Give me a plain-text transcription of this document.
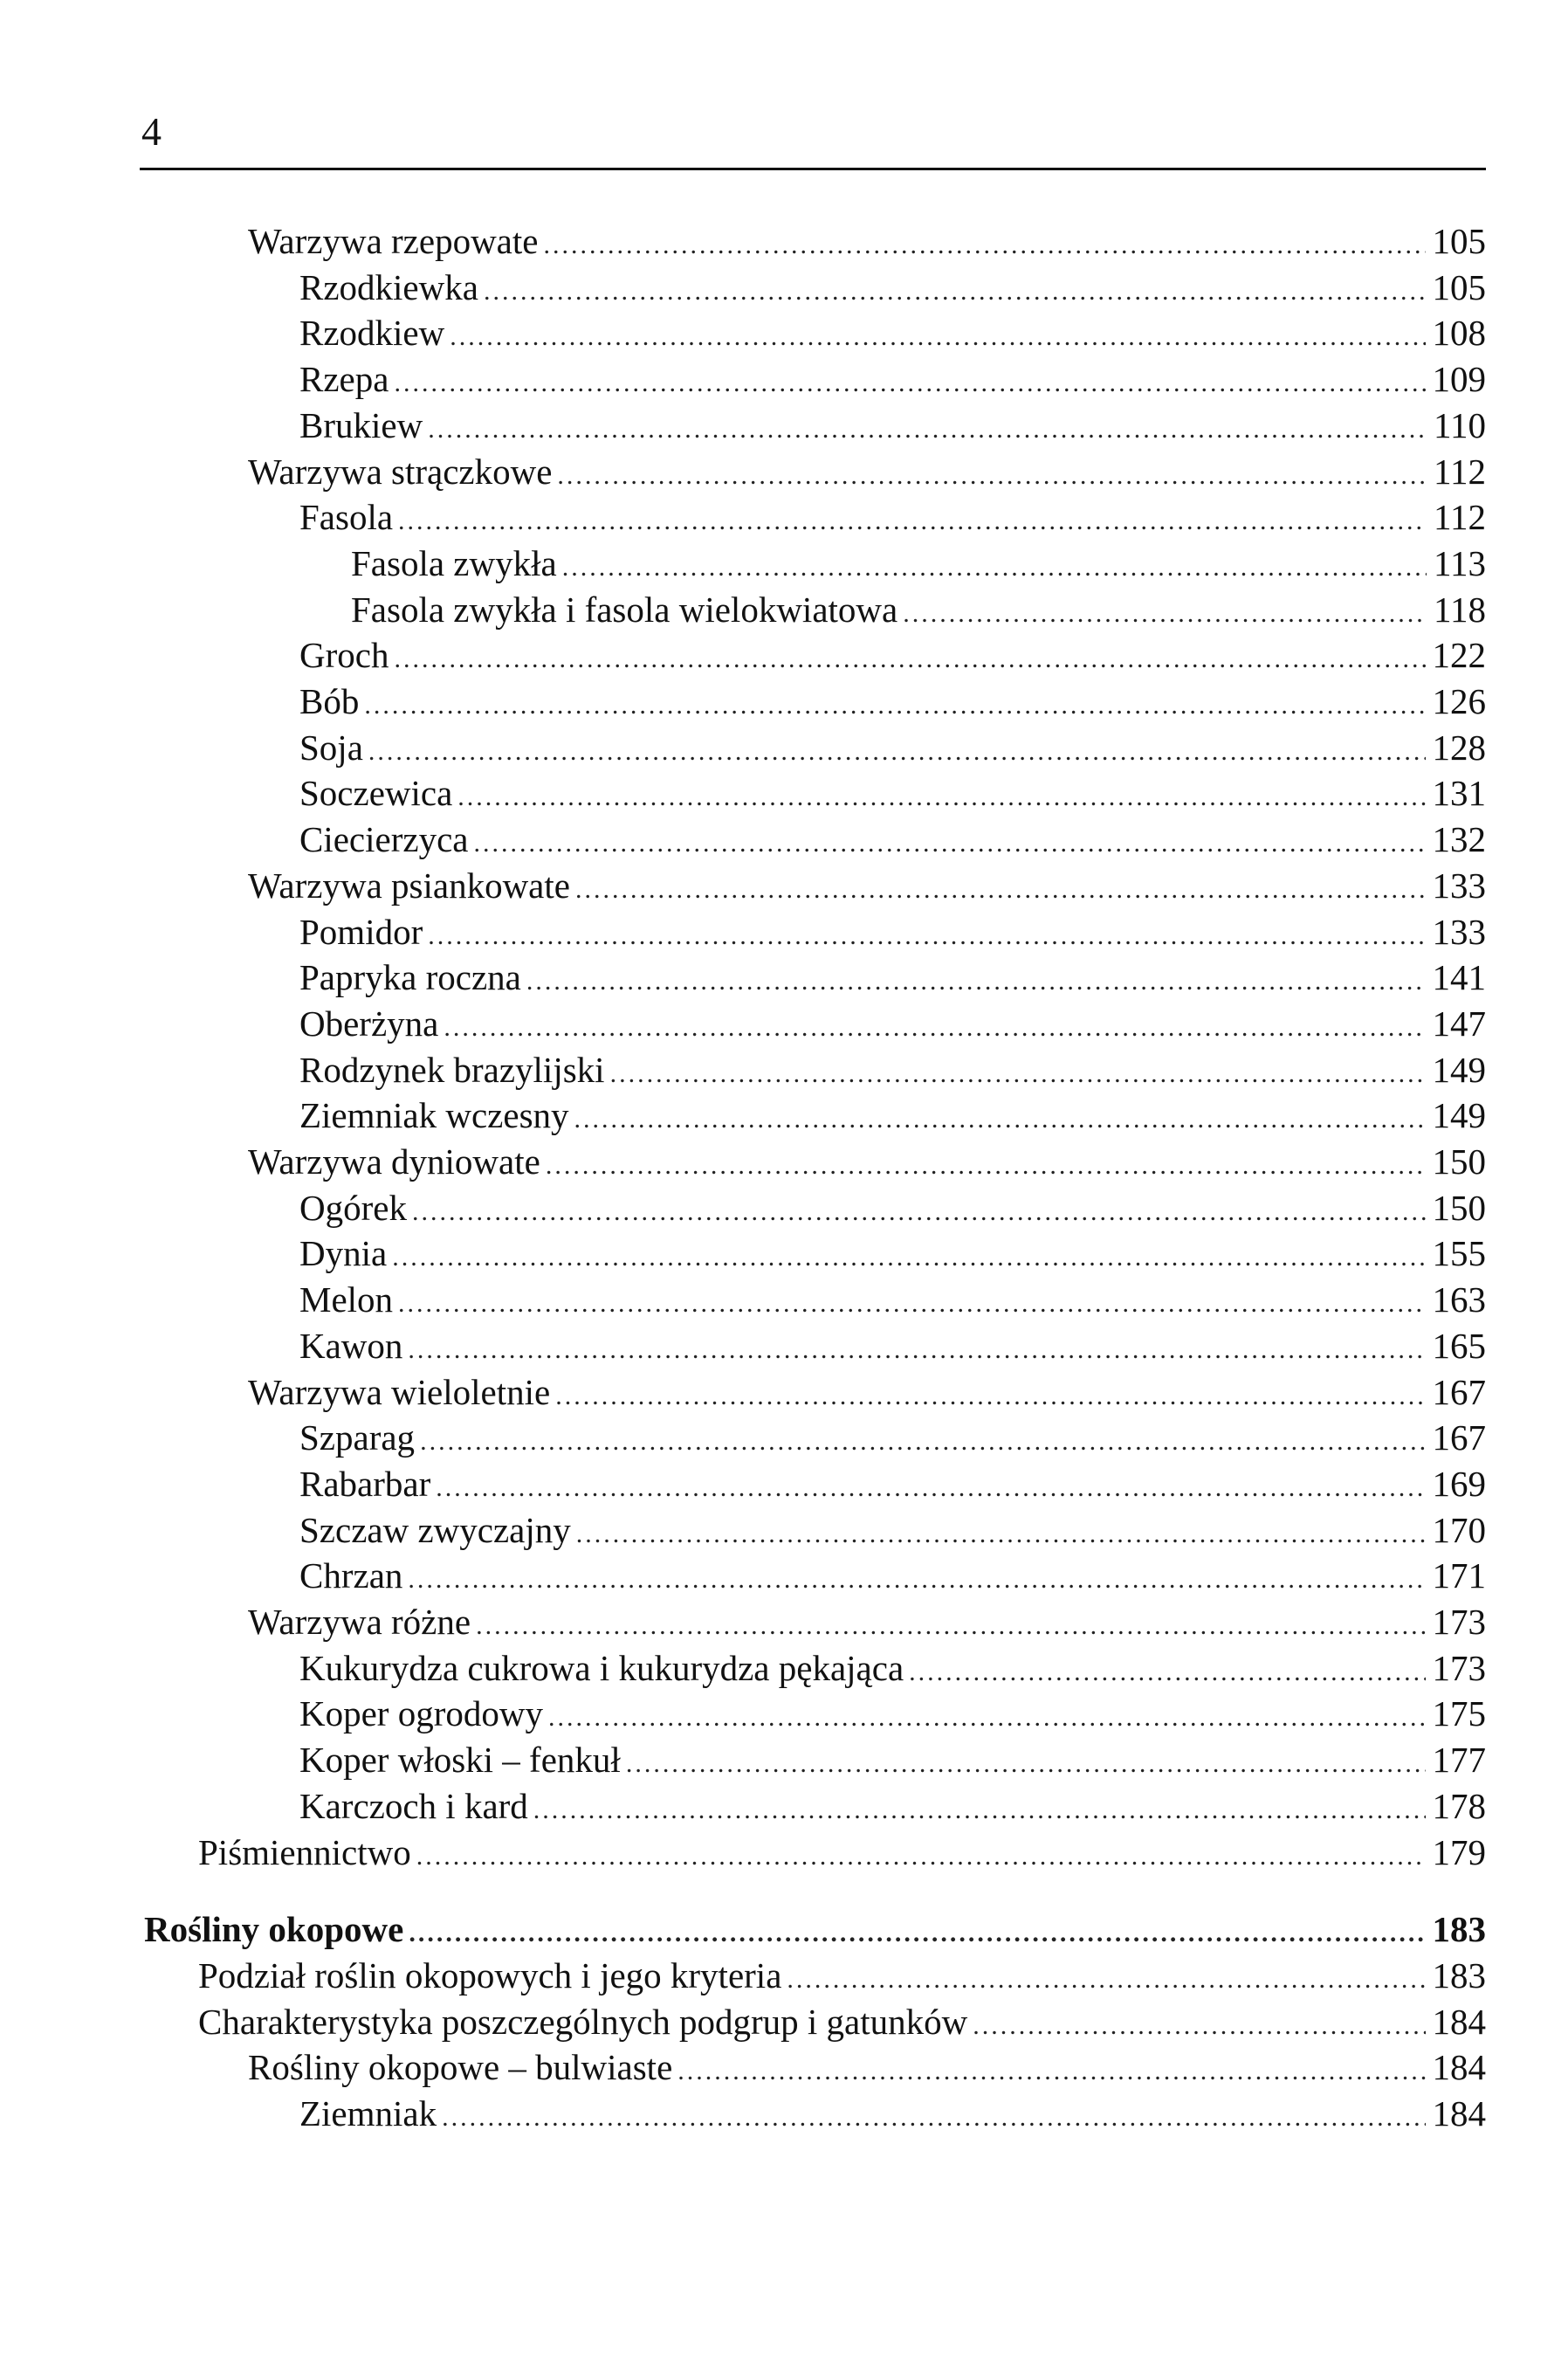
4
Warzywa rzepowate .....	105
Rzodkiewka .....	105
Rzodkiew .....	108
Rzepa .....	109
Brukiew .....	110
Warzywa strączkowe .....	112
Fasola .....	112
Fasola zwykła .....	113
Fasola zwykła i fasola wielokwiatowa .....	118
Groch .....	122
Bób .....	126
Soja .....	128
Soczewica .....	131
Ciecierzyca .....	132
Warzywa psiankowate .....	133
Pomidor .....	133
Papryka roczna .....	141
Oberżyna .....	147
Rodzynek brazylijski .....	149
Ziemniak wczesny .....	149
Warzywa dyniowate .....	150
Ogórek .....	150
Dynia .....	155
Melon .....	163
Kawon .....	165
Warzywa wieloletnie .....	167
Szparag .....	167
Rabarbar .....	169
Szczaw zwyczajny .....	170
Chrzan .....	171
Warzywa różne .....	173
Kukurydza cukrowa i kukurydza pękająca .....	173
Koper ogrodowy .....	175
Koper włoski – fenkuł .....	177
Karczoch i kard .....	178
Piśmiennictwo .....	179
Rośliny okopowe .....	183
Podział roślin okopowych i jego kryteria .....	183
Charakterystyka poszczególnych podgrup i gatunków .....	184
Rośliny okopowe – bulwiaste .....	184
Ziemniak .....	184
